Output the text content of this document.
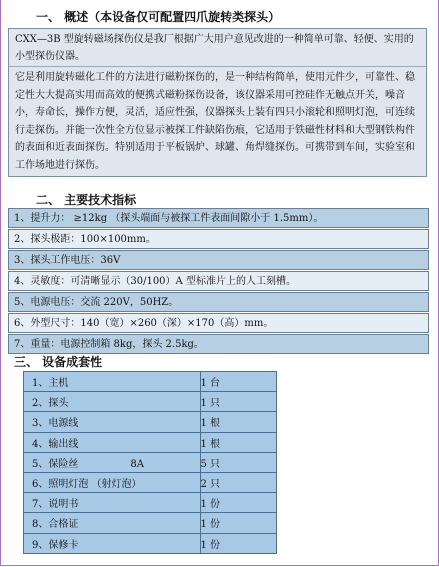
一、 概述（本设备仅可配置四爪旋转类探头）
CXX—3B 型旋转磁场探伤仪是我厂根据广大用户意见改进的一种简单可靠、轻便、实用的小型探伤仪器。
它是利用旋转磁化工件的方法进行磁粉探伤的，是一种结构简单，使用元件少，可靠性、稳定性大大提高实用而高效的便携式磁粉探伤设备，该仪器采用可控硅作无触点开关，噪音小，寿命长，操作方便，灵活，适应性强，仪器探头上装有四只小滚轮和照明灯泡，可连续行走探伤。并能一次性全方位显示被探工件缺陷伤痕，它适用于铁磁性材料和大型钢铁构件的表面和近表面探伤。特别适用于平板锅炉、球罐、角焊缝探伤。可携带到车间，实验室和工作场地进行探伤。
二、 主要技术指标
1、提升力： ≥12kg （探头端面与被探工件表面间隙小于 1.5mm）。
2、探头极距：100×100mm。
3、探头工作电压：36V
4、灵敏度：可清晰显示（30/100）A 型标准片上的人工刻槽。
5、电源电压：交流 220V，50HZ。
6、外型尺寸：140（宽）×260（深）×170（高）mm。
7、重量：电源控制箱 8kg，探头 2.5kg。
三、 设备成套性
1、主机	1 台
2、探头	1 只
3、电源线	1 根
4、输出线	1 根
5、保险丝 8A	5 只
6、照明灯泡 （射灯泡）	2 只
7、说明书	1 份
8、合格证	1 份
9、保修卡	1 份
